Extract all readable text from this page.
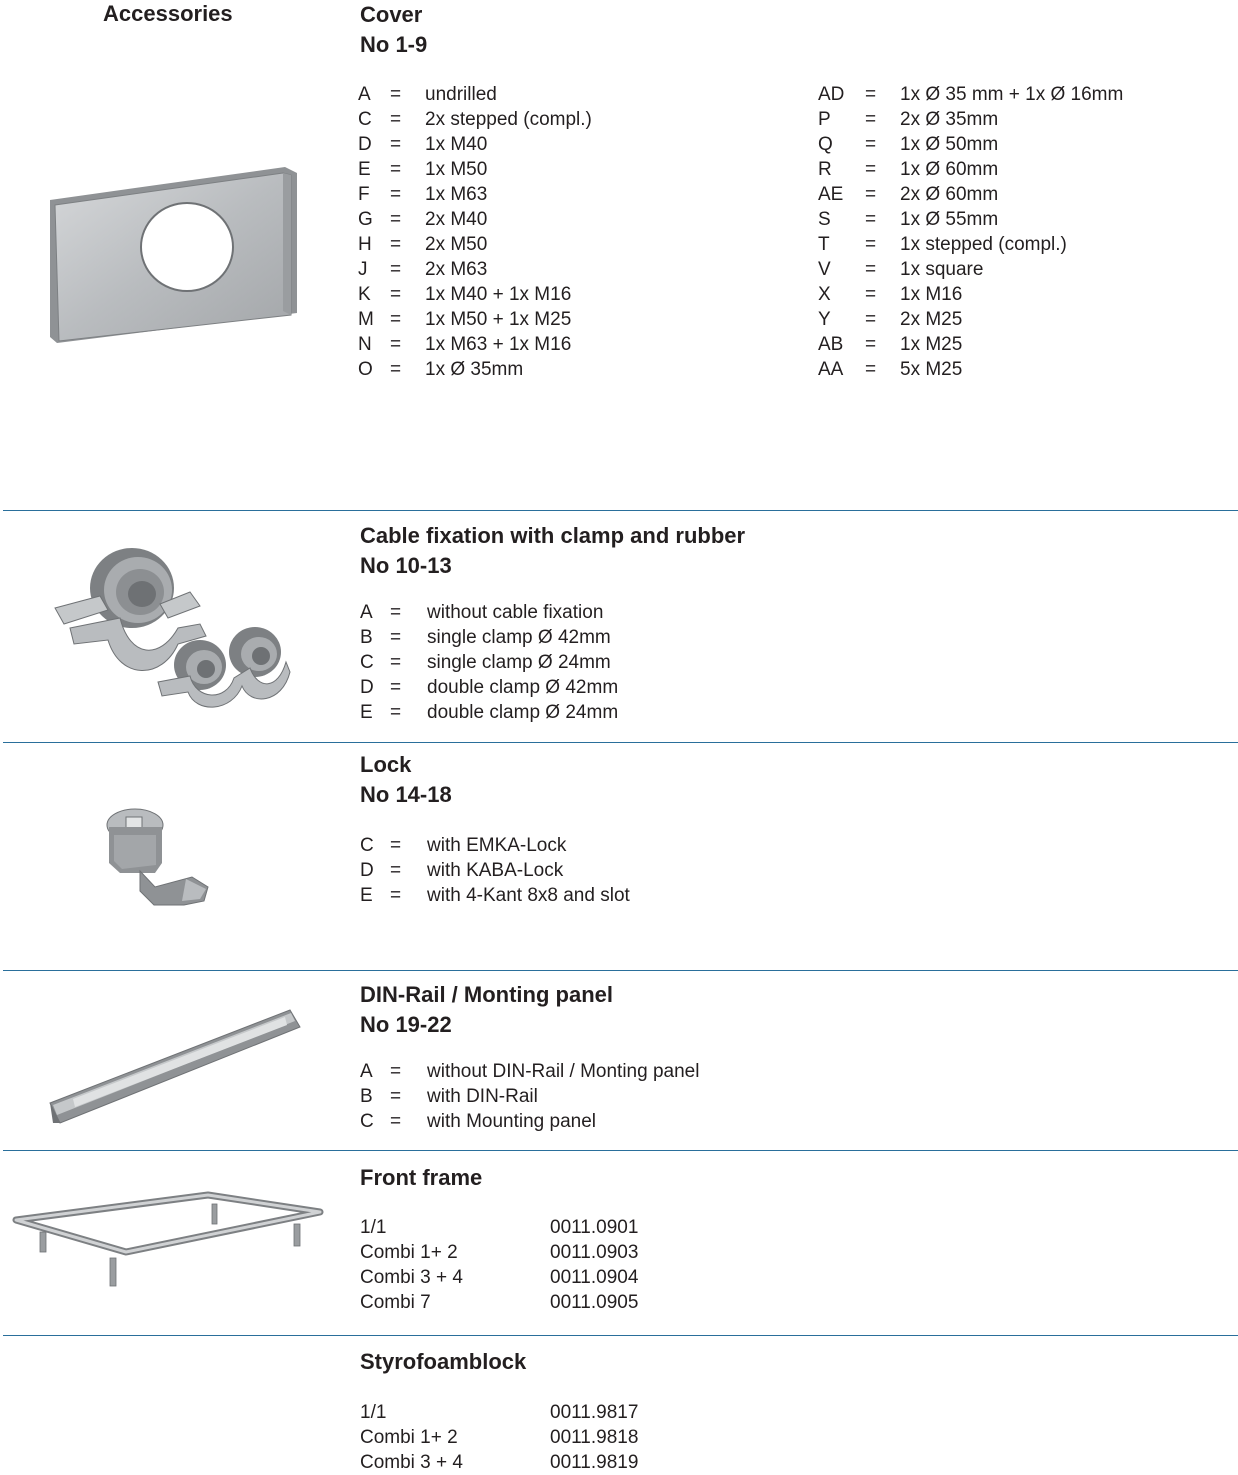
Accessories	Cover
No 1-9
A	=	undrilled
C =	2x stepped (compl.)
D =	1x M40
E	=	1x M50
F	=	1x M63
G =	2x M40
H =	2x M50
J	=	2x M63
K	=	1x M40 + 1x M16
M =	1x M50 + 1x M25
N =	1x M63 + 1x M16
O =	1x Ø 35mm
AD	=	1x Ø 35 mm + 1x Ø 16mm
P	=	2x Ø 35mm
Q	=	1x Ø 50mm
R	=	1x Ø 60mm
AE	=	2x Ø 60mm
S	=	1x Ø 55mm
T	=	1x stepped (compl.)
V	=	1x square
X	=	1x M16
Y	=	2x M25
AB	=	1x M25
AA	=	5x M25
Cable fixation with clamp and rubber
No 10-13
A =	without cable fixation
B =	single clamp Ø 42mm
C =	single clamp Ø 24mm
D =	double clamp Ø 42mm
E =	double clamp Ø 24mm
Lock
No 14-18
C =	with EMKA-Lock
D =	with KABA-Lock
E =	with 4-Kant 8x8 and slot
DIN-Rail / Monting panel
No 19-22
A =	without DIN-Rail / Monting panel
B =	with DIN-Rail
C =	with Mounting panel
Front frame
1/1	0011.0901
Combi 1+ 2	0011.0903
Combi 3 + 4	0011.0904
Combi 7	0011.0905
Styrofoamblock
1/1	0011.9817
Combi 1+ 2	0011.9818
Combi 3 + 4	0011.9819
